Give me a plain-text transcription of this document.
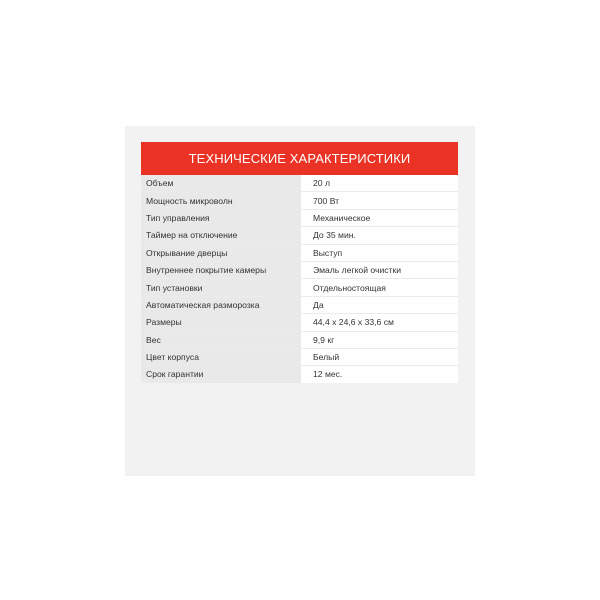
ТЕХНИЧЕСКИЕ ХАРАКТЕРИСТИКИ
Объем	20 л
Мощность микроволн	700 Вт
Тип управления	Механическое
Таймер на отключение	До 35 мин.
Открывание дверцы	Выступ
Внутреннее покрытие камеры	Эмаль легкой очистки
Тип установки	Отдельностоящая
Автоматическая разморозка	Да
Размеры	44,4 х 24,6 х 33,6 см
Вес	9,9 кг
Цвет корпуса	Белый
Срок гарантии	12 мес.
